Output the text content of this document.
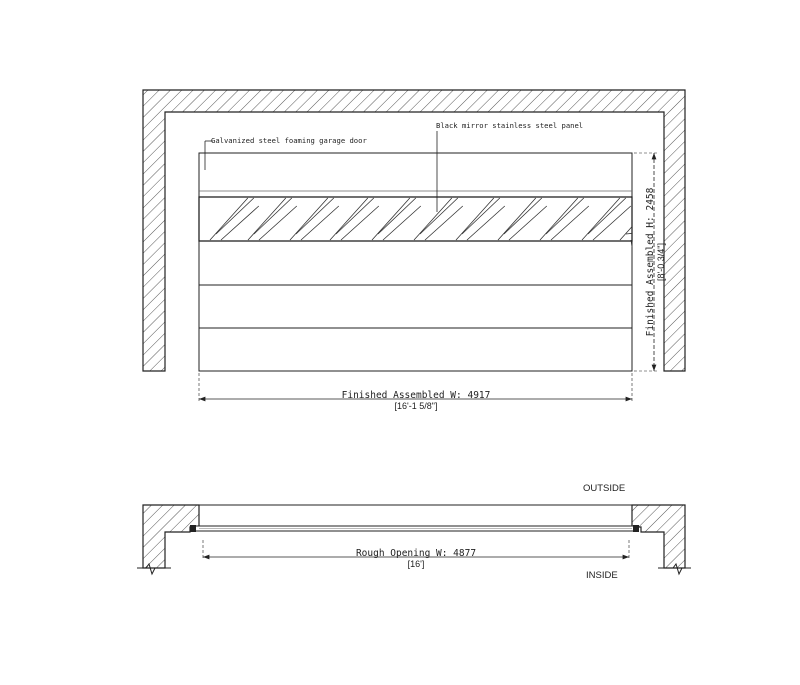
Galvanized steel foaming garage door
Black mirror stainless steel panel
Finished Assembled W: 4917
[16'-1 5/8"]
Finished Assembled H: 2458 [8'-0 3/4"]
Rough Opening W: 4877
[16']
OUTSIDE
INSIDE
